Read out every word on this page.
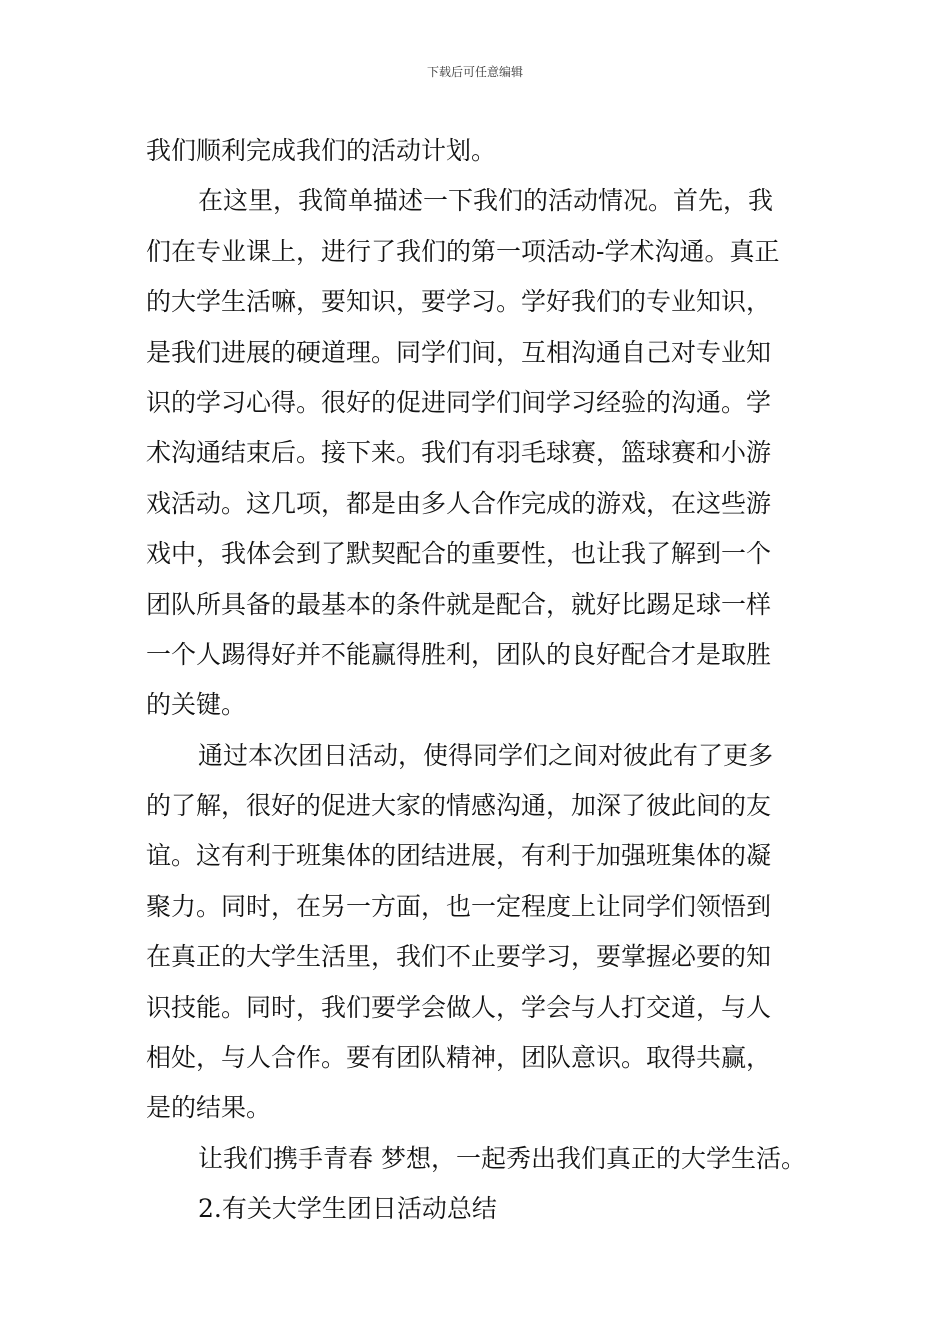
下载后可任意编辑
我们顺利完成我们的活动计划。
在这里，我简单描述一下我们的活动情况。首先，我
们在专业课上，进行了我们的第一项活动-学术沟通。真正
的大学生活嘛，要知识，要学习。学好我们的专业知识，
是我们进展的硬道理。同学们间，互相沟通自己对专业知
识的学习心得。很好的促进同学们间学习经验的沟通。学
术沟通结束后。接下来。我们有羽毛球赛，篮球赛和小游
戏活动。这几项，都是由多人合作完成的游戏，在这些游
戏中，我体会到了默契配合的重要性，也让我了解到一个
团队所具备的最基本的条件就是配合，就好比踢足球一样
一个人踢得好并不能赢得胜利，团队的良好配合才是取胜
的关键。
通过本次团日活动，使得同学们之间对彼此有了更多
的了解，很好的促进大家的情感沟通，加深了彼此间的友
谊。这有利于班集体的团结进展，有利于加强班集体的凝
聚力。同时，在另一方面，也一定程度上让同学们领悟到
在真正的大学生活里，我们不止要学习，要掌握必要的知
识技能。同时，我们要学会做人，学会与人打交道，与人
相处，与人合作。要有团队精神，团队意识。取得共赢，
是的结果。
让我们携手青春 梦想，一起秀出我们真正的大学生活。
2.有关大学生团日活动总结
